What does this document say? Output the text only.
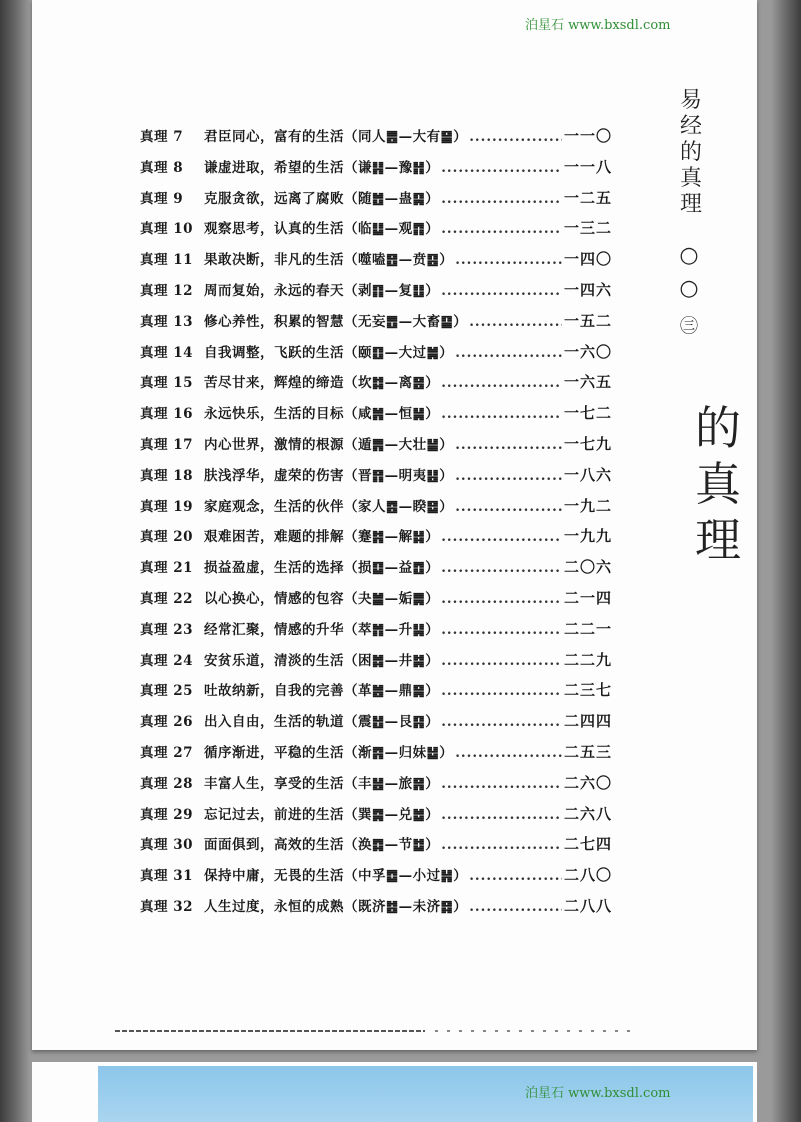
泊星石 www.bxsdl.com
泊星石 www.bxsdl.com
易
经
的
真
理
○
○
㊂
的
真
理
真理 7	君臣同心，富有的生活（同人䷌—大有䷍） .....	一一〇
真理 8	谦虚进取，希望的生活（谦䷎—豫䷏） .....	一一八
真理 9	克服贪欲，远离了腐败（随䷐—蛊䷑） .....	一二五
真理 10 观察思考，认真的生活（临䷒—观䷓） .....	一三二
真理 11 果敢决断，非凡的生活（噬嗑䷔—贲䷕） .....	一四〇
真理 12 周而复始，永远的春天（剥䷖—复䷗） .....	一四六
真理 13 修心养性，积累的智慧（无妄䷘—大畜䷙） .....	一五二
真理 14 自我调整，飞跃的生活（颐䷚—大过䷛） .....	一六〇
真理 15 苦尽甘来，辉煌的缔造（坎䷜—离䷝） .....	一六五
真理 16 永远快乐，生活的目标（咸䷞—恒䷟） .....	一七二
真理 17 内心世界，激情的根源（遁䷠—大壮䷡） .....	一七九
真理 18 肤浅浮华，虚荣的伤害（晋䷢—明夷䷣） .....	一八六
真理 19 家庭观念，生活的伙伴（家人䷤—睽䷥） .....	一九二
真理 20 艰难困苦，难题的排解（蹇䷦—解䷧） .....	一九九
真理 21 损益盈虚，生活的选择（损䷨—益䷩） .....	二〇六
真理 22 以心换心，情感的包容（夬䷪—姤䷫） .....	二一四
真理 23 经常汇聚，情感的升华（萃䷬—升䷭） .....	二二一
真理 24 安贫乐道，清淡的生活（困䷮—井䷯） .....	二二九
真理 25 吐故纳新，自我的完善（革䷰—鼎䷱） .....	二三七
真理 26 出入自由，生活的轨道（震䷲—艮䷳） .....	二四四
真理 27 循序渐进，平稳的生活（渐䷴—归妹䷵） .....	二五三
真理 28 丰富人生，享受的生活（丰䷶—旅䷷） .....	二六〇
真理 29 忘记过去，前进的生活（巽䷸—兑䷹） .....	二六八
真理 30 面面俱到，高效的生活（涣䷺—节䷻） .....	二七四
真理 31 保持中庸，无畏的生活（中孚䷼—小过䷽） .....	二八〇
真理 32 人生过度，永恒的成熟（既济䷾—未济䷿） .....	二八八
